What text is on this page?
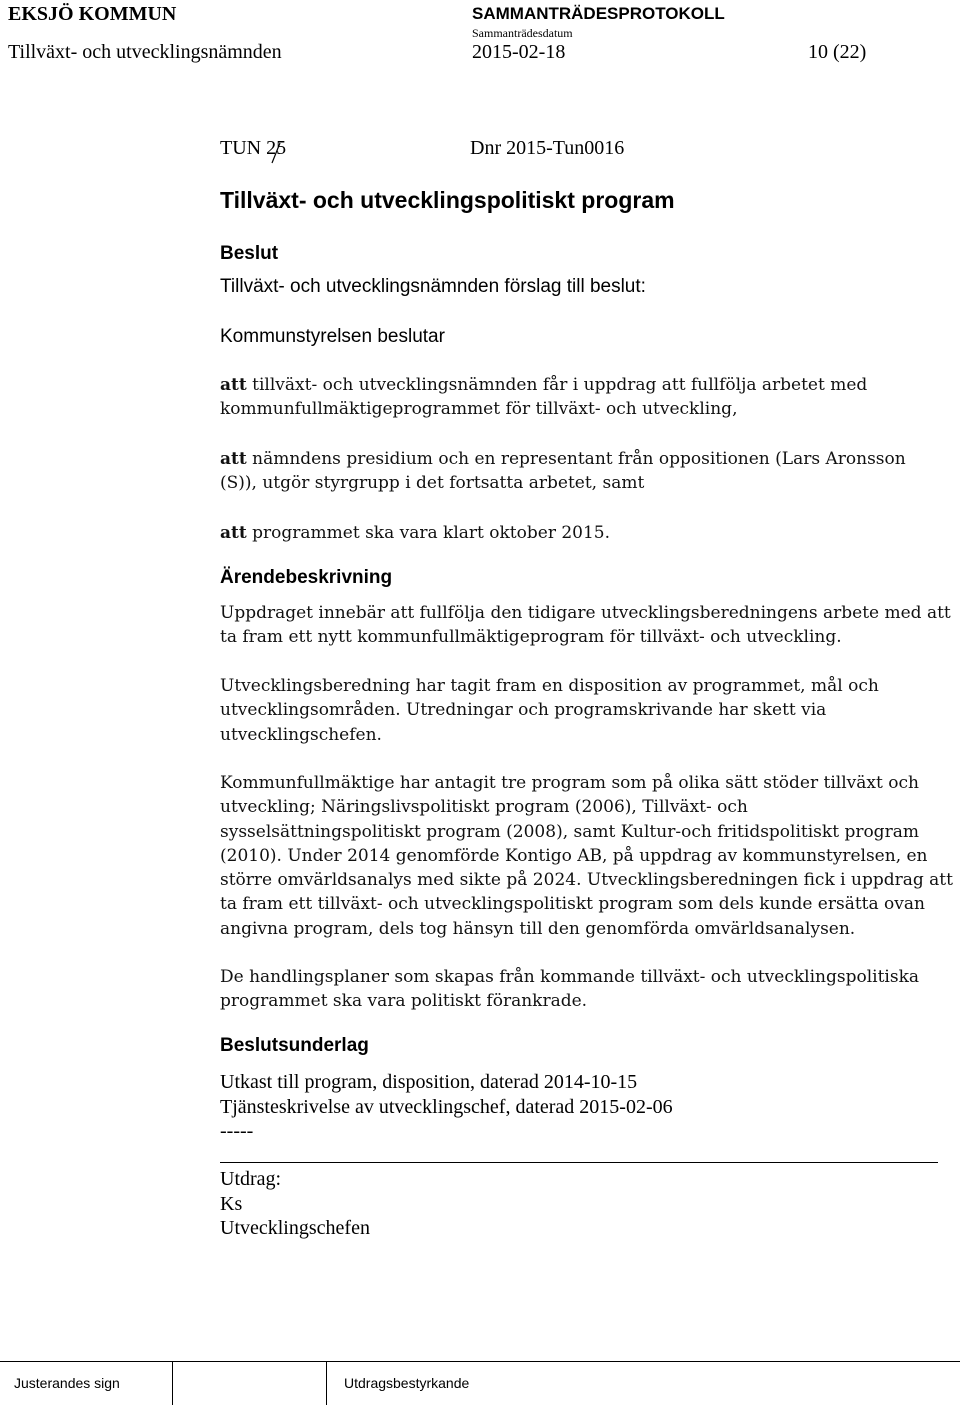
EKSJÖ KOMMUN	SAMMANTRÄDESPROTOKOLL
Sammanträdesdatum
Tillväxt- och utvecklingsnämnden	2015-02-18	10 (22)
TUN 25	Dnr 2015-Tun0016
Tillväxt- och utvecklingspolitiskt program
Beslut
Tillväxt- och utvecklingsnämnden förslag till beslut:
Kommunstyrelsen beslutar
att tillväxt- och utvecklingsnämnden får i uppdrag att fullfölja arbetet med
kommunfullmäktigeprogrammet för tillväxt- och utveckling,
att nämndens presidium och en representant från oppositionen (Lars Aronsson
(S)), utgör styrgrupp i det fortsatta arbetet, samt
att programmet ska vara klart oktober 2015.
Ärendebeskrivning
Uppdraget innebär att fullfölja den tidigare utvecklingsberedningens arbete med att
ta fram ett nytt kommunfullmäktigeprogram för tillväxt- och utveckling.
Utvecklingsberedning har tagit fram en disposition av programmet, mål och
utvecklingsområden. Utredningar och programskrivande har skett via
utvecklingschefen.
Kommunfullmäktige har antagit tre program som på olika sätt stöder tillväxt och
utveckling; Näringslivspolitiskt program (2006), Tillväxt- och
sysselsättningspolitiskt program (2008), samt Kultur-och fritidspolitiskt program
(2010). Under 2014 genomförde Kontigo AB, på uppdrag av kommunstyrelsen, en
större omvärldsanalys med sikte på 2024. Utvecklingsberedningen fick i uppdrag att
ta fram ett tillväxt- och utvecklingspolitiskt program som dels kunde ersätta ovan
angivna program, dels tog hänsyn till den genomförda omvärldsanalysen.
De handlingsplaner som skapas från kommande tillväxt- och utvecklingspolitiska
programmet ska vara politiskt förankrade.
Beslutsunderlag
Utkast till program, disposition, daterad 2014-10-15
Tjänsteskrivelse av utvecklingschef, daterad 2015-02-06
-----
Utdrag:
Ks
Utvecklingschefen
Justerandes sign	Utdragsbestyrkande
